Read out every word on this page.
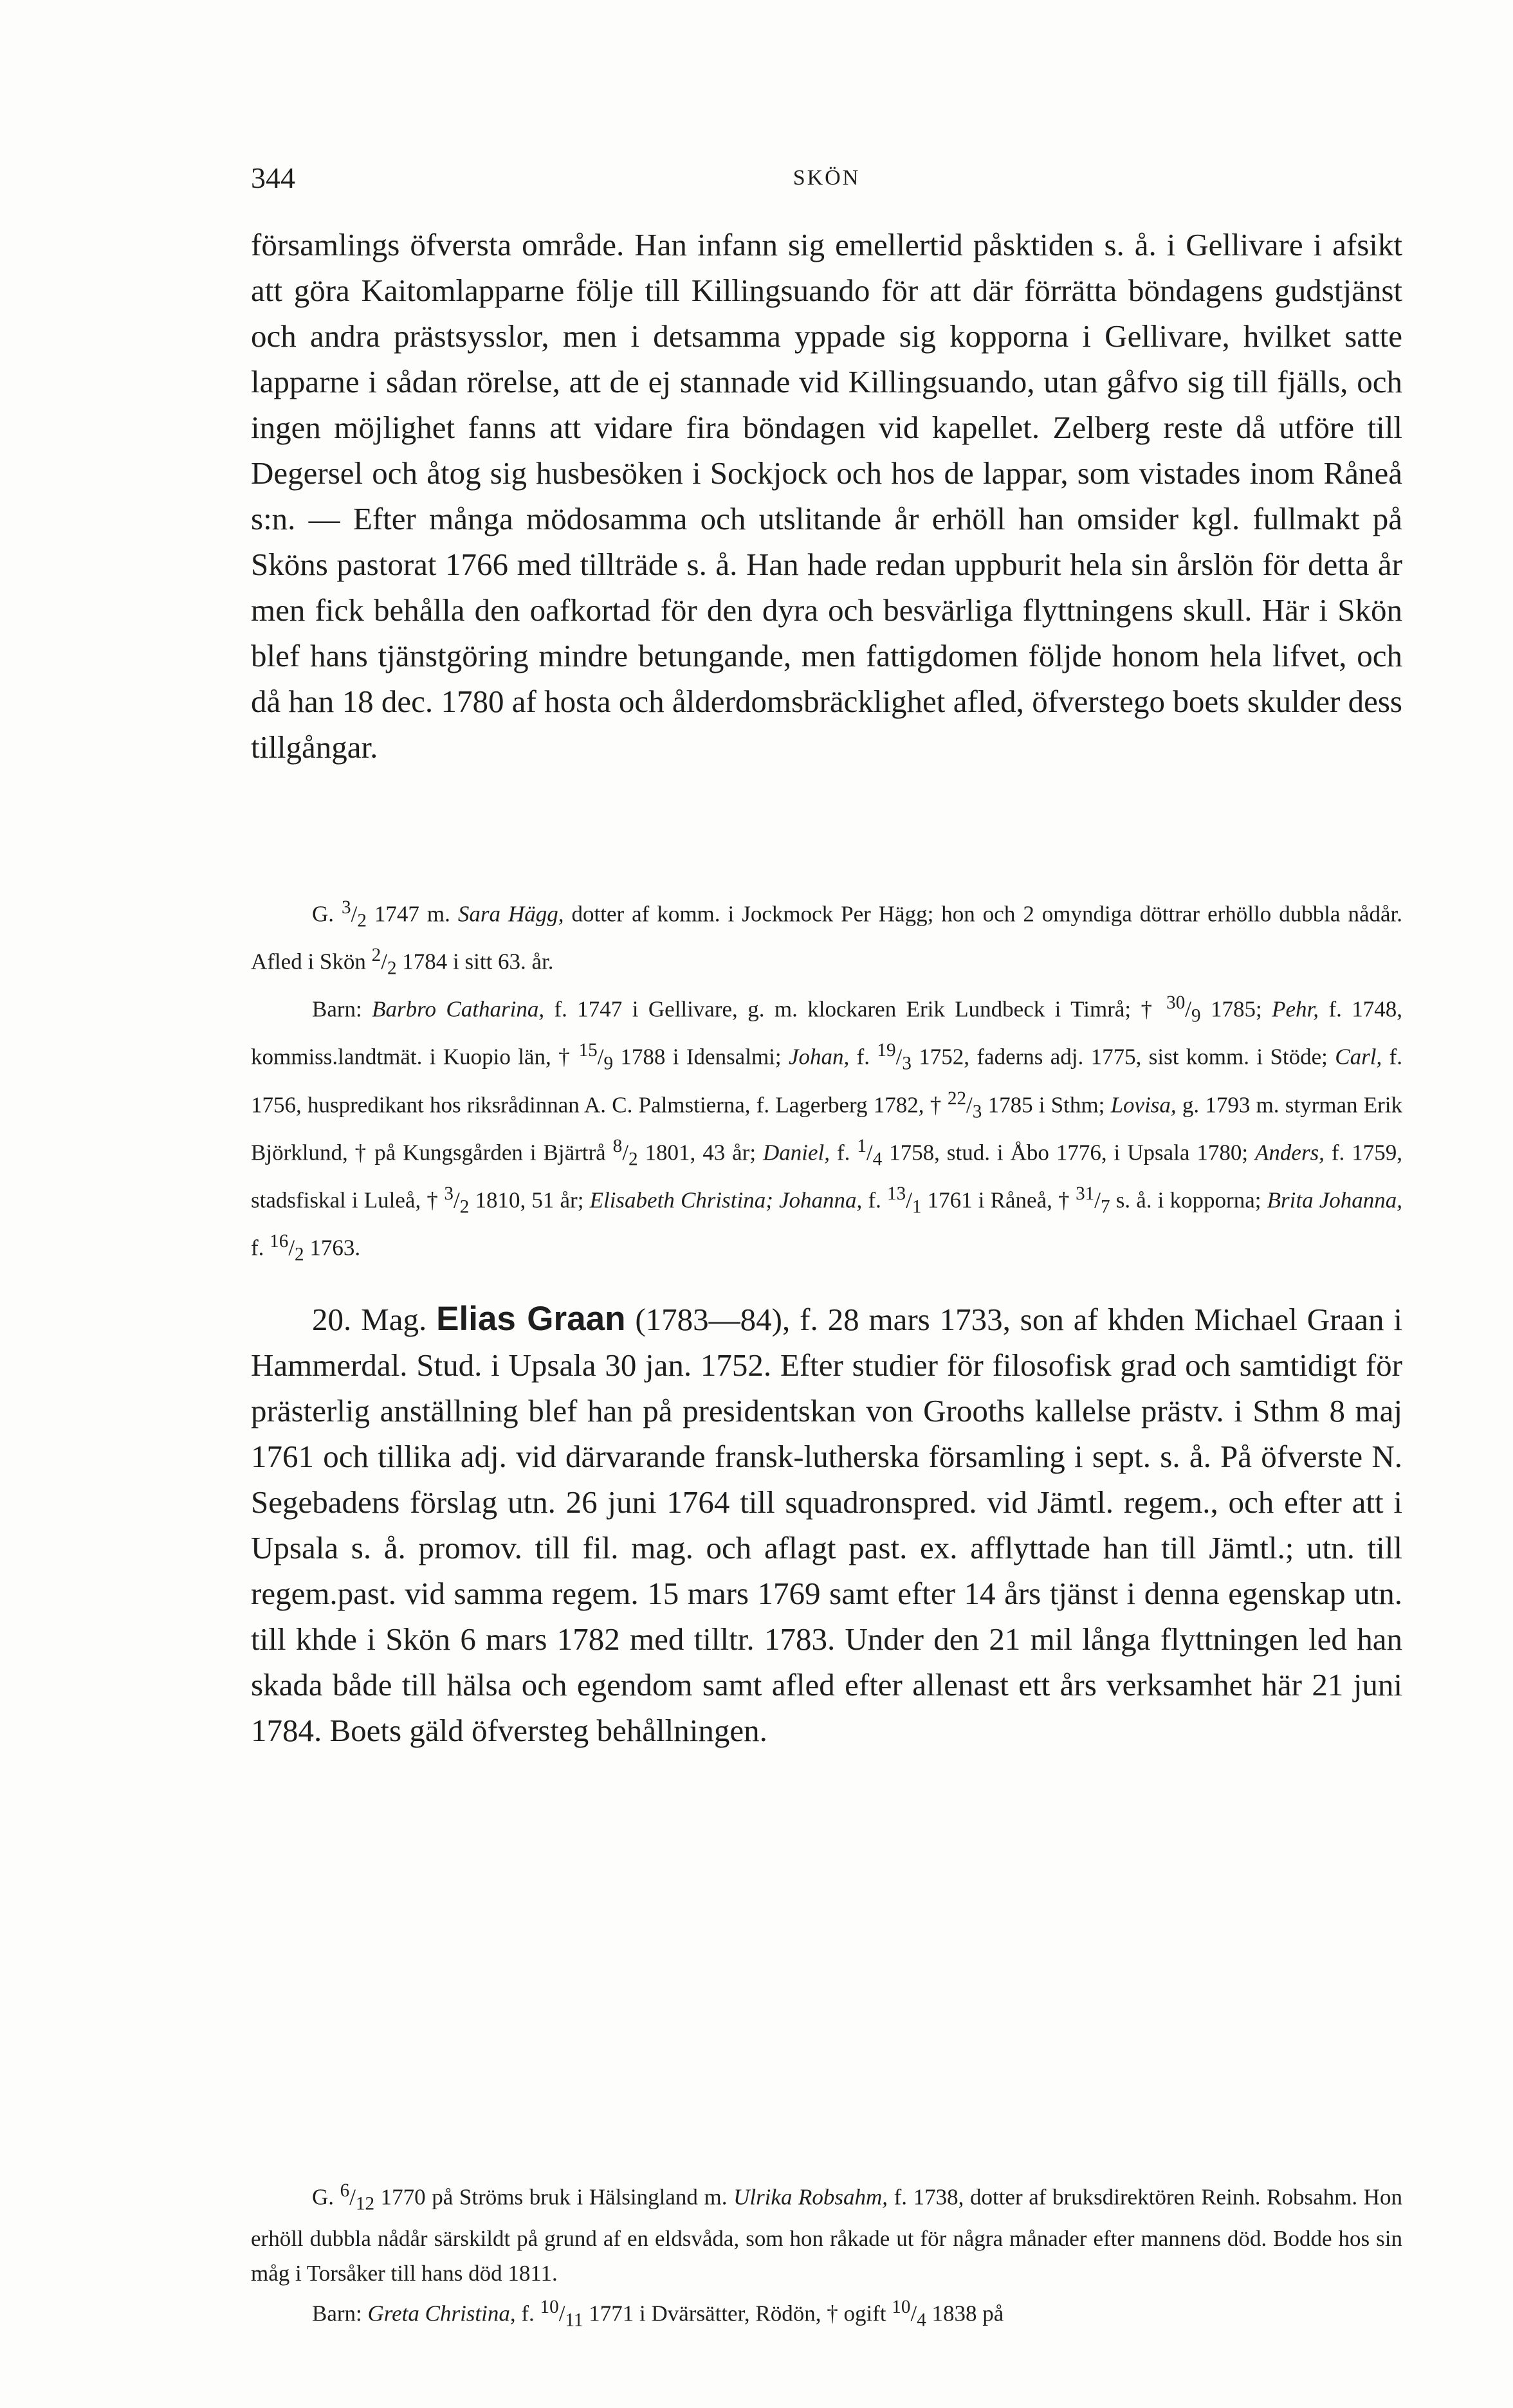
344	SKÖN

församlings öfversta område. Han infann sig emellertid påsktiden s. å. i Gellivare i afsikt att göra Kaitomlapparne följe till Killingsuando för att där förrätta böndagens gudstjänst och andra prästsysslor, men i detsamma yppade sig kopporna i Gellivare, hvilket satte lapparne i sådan rörelse, att de ej stannade vid Killingsuando, utan gåfvo sig till fjälls, och ingen möjlighet fanns att vidare fira böndagen vid kapellet. Zelberg reste då utföre till Degersel och åtog sig husbesöken i Sockjock och hos de lappar, som vistades inom Råneå s:n. — Efter många mödosamma och utslitande år erhöll han omsider kgl. fullmakt på Sköns pastorat 1766 med tillträde s. å. Han hade redan uppburit hela sin årslön för detta år men fick behålla den oafkortad för den dyra och besvärliga flyttningens skull. Här i Skön blef hans tjänstgöring mindre betungande, men fattigdomen följde honom hela lifvet, och då han 18 dec. 1780 af hosta och ålderdomsbräcklighet afled, öfverstego boets skulder dess tillgångar.

G. $^3/_2$ 1747 m. Sara Hägg, dotter af komm. i Jockmock Per Hägg; hon och 2 omyndiga döttrar erhöllo dubbla nådår. Afled i Skön $^2/_2$ 1784 i sitt 63. år.

Barn: Barbro Catharina, f. 1747 i Gellivare, g. m. klockaren Erik Lundbeck i Timrå; † $^{30}/_9$ 1785; Pehr, f. 1748, kommiss.landtmät. i Kuopio län, † $^{15}/_9$ 1788 i Idensalmi; Johan, f. $^{19}/_3$ 1752, faderns adj. 1775, sist komm. i Stöde; Carl, f. 1756, huspredikant hos riksrådinnan A. C. Palmstierna, f. Lagerberg 1782, † $^{22}/_3$ 1785 i Sthm; Lovisa, g. 1793 m. styrman Erik Björklund, † på Kungsgården i Bjärtrå $^8/_2$ 1801, 43 år; Daniel, f. $^1/_4$ 1758, stud. i Åbo 1776, i Upsala 1780; Anders, f. 1759, stadsfiskal i Luleå, † $^3/_2$ 1810, 51 år; Elisabeth Christina; Johanna, f. $^{13}/_1$ 1761 i Råneå, † $^{31}/_7$ s. å. i kopporna; Brita Johanna, f. $^{16}/_2$ 1763.

20. Mag. Elias Graan (1783—84), f. 28 mars 1733, son af khden Michael Graan i Hammerdal. Stud. i Upsala 30 jan. 1752. Efter studier för filosofisk grad och samtidigt för prästerlig anställning blef han på presidentskan von Grooths kallelse prästv. i Sthm 8 maj 1761 och tillika adj. vid därvarande fransk-lutherska församling i sept. s. å. På öfverste N. Segebadens förslag utn. 26 juni 1764 till squadronspred. vid Jämtl. regem., och efter att i Upsala s. å. promov. till fil. mag. och aflagt past. ex. afflyttade han till Jämtl.; utn. till regem.past. vid samma regem. 15 mars 1769 samt efter 14 års tjänst i denna egenskap utn. till khde i Skön 6 mars 1782 med tilltr. 1783. Under den 21 mil långa flyttningen led han skada både till hälsa och egendom samt afled efter allenast ett års verksamhet här 21 juni 1784. Boets gäld öfversteg behållningen.

G. $^6/_{12}$ 1770 på Ströms bruk i Hälsingland m. Ulrika Robsahm, f. 1738, dotter af bruksdirektören Reinh. Robsahm. Hon erhöll dubbla nådår särskildt på grund af en eldsvåda, som hon råkade ut för några månader efter mannens död. Bodde hos sin måg i Torsåker till hans död 1811.

Barn: Greta Christina, f. $^{10}/_{11}$ 1771 i Dvärsätter, Rödön, † ogift $^{10}/_4$ 1838 på
